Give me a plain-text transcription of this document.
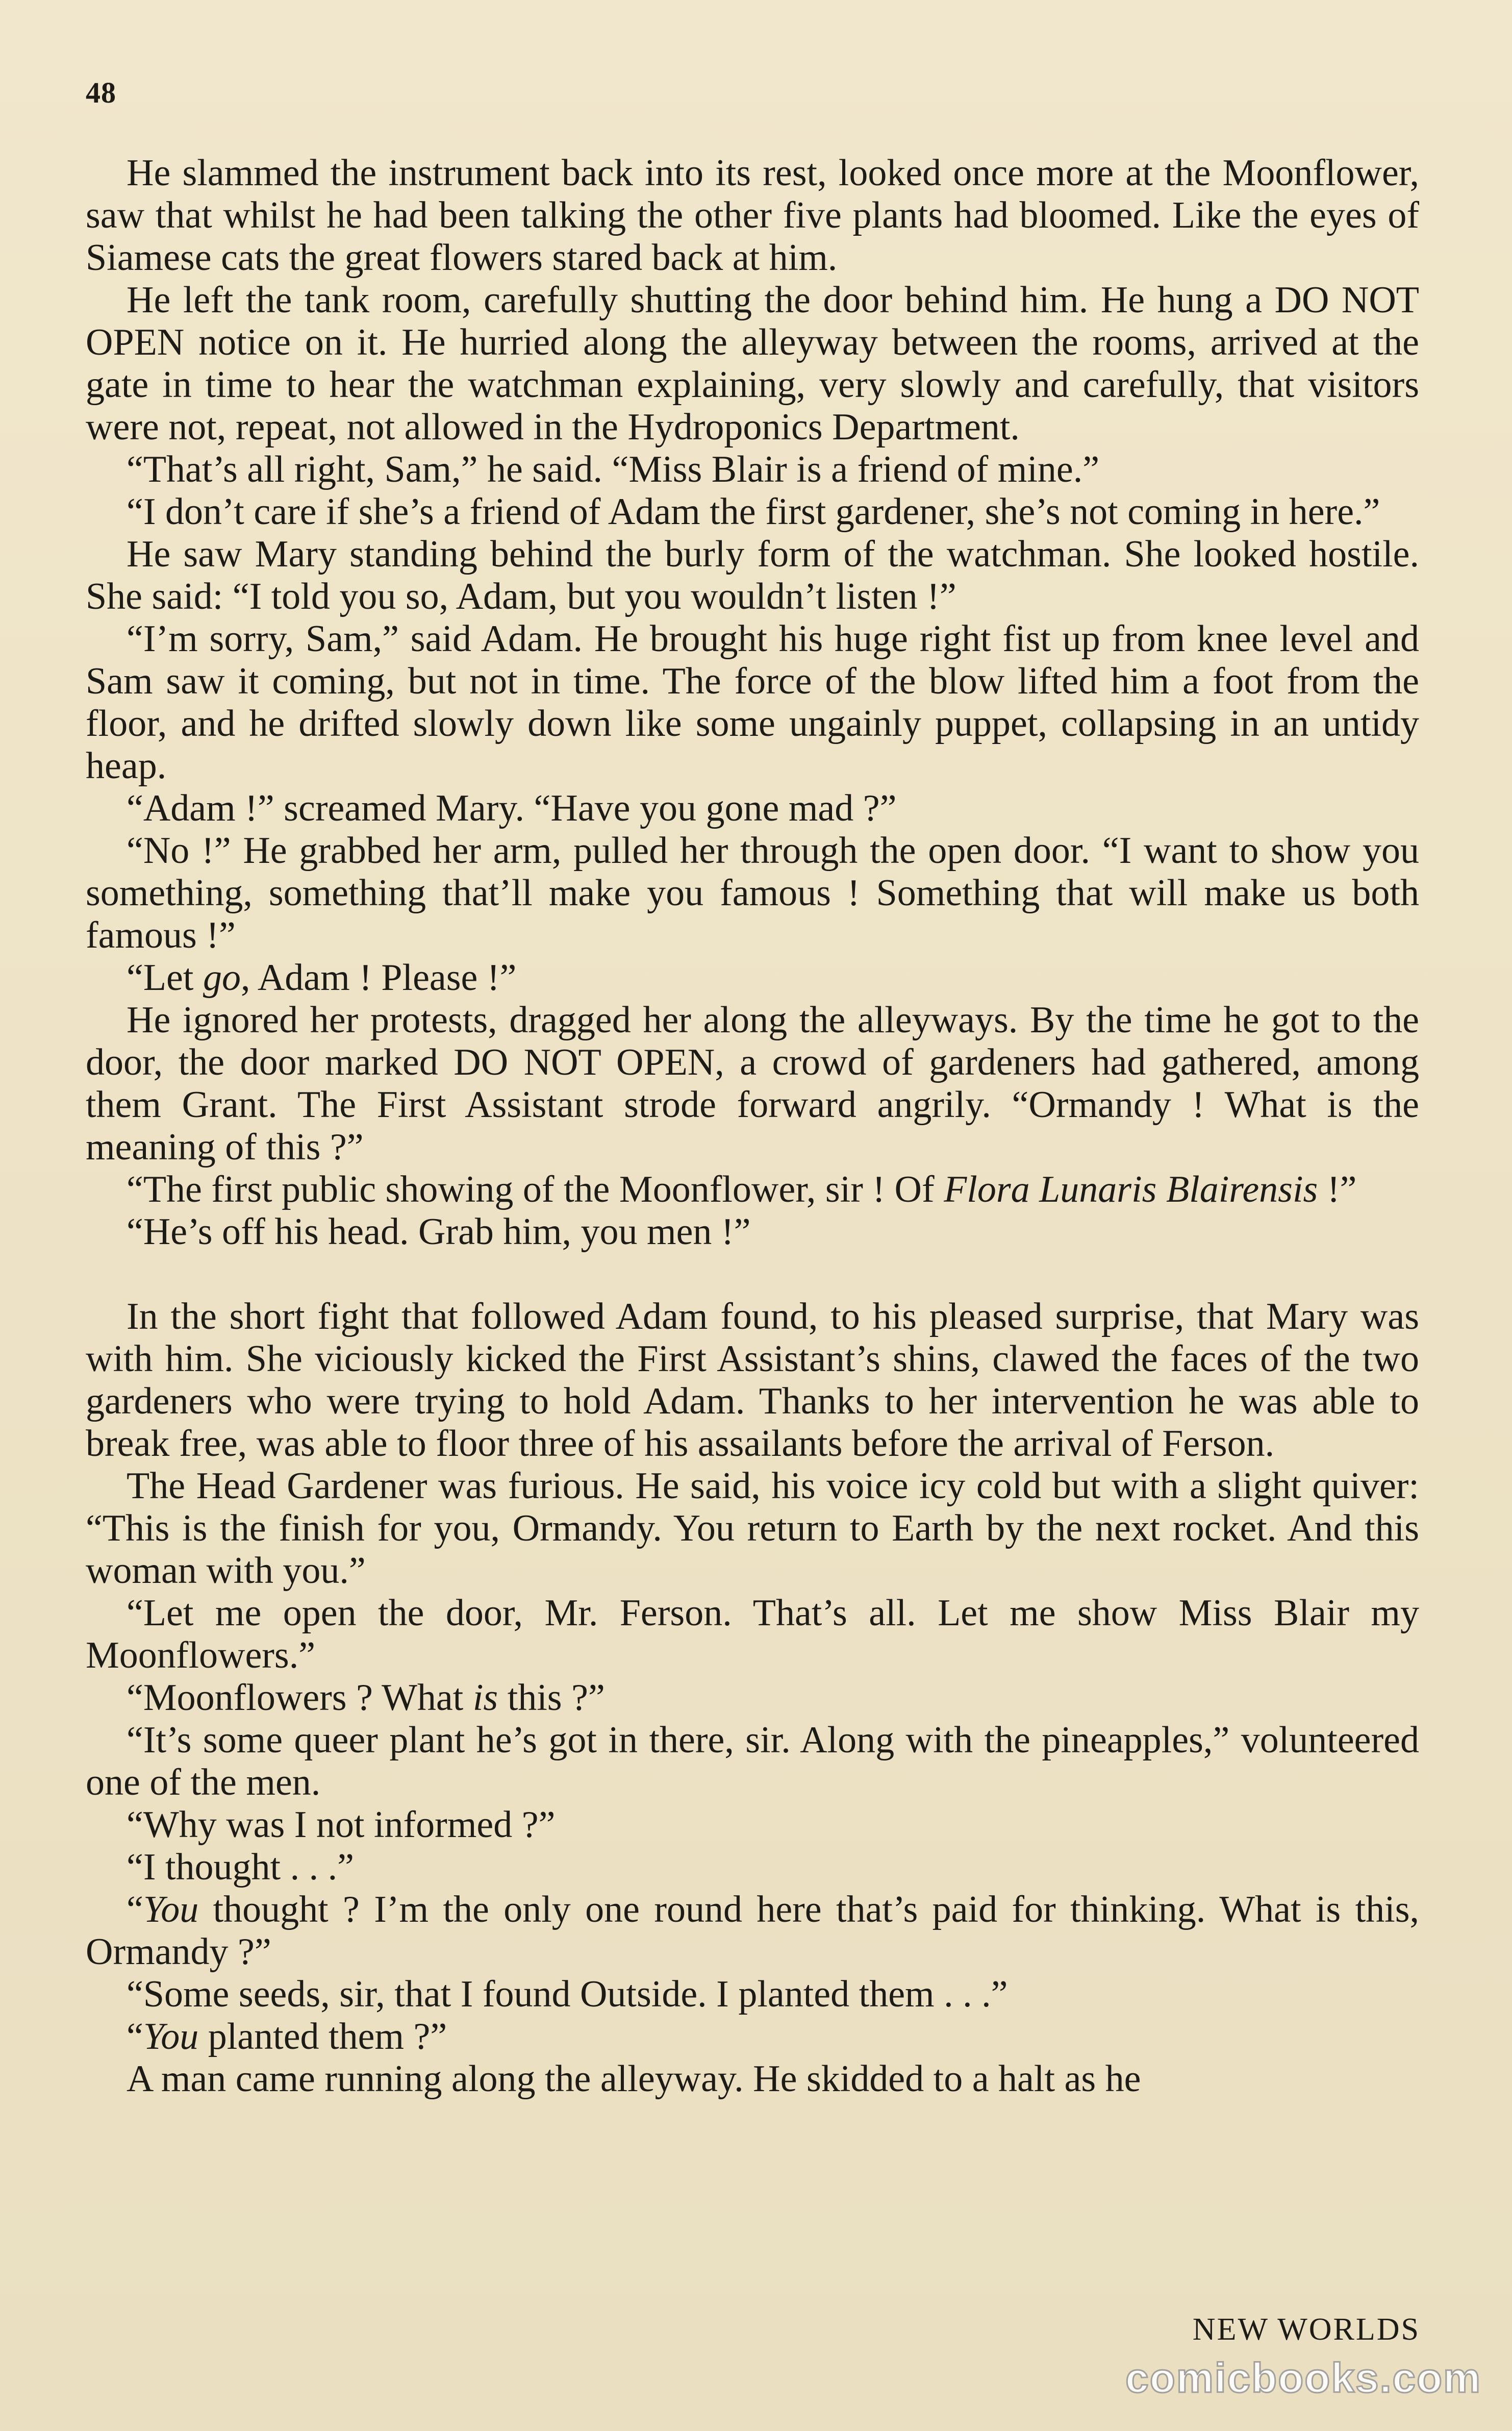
48

He slammed the instrument back into its rest, looked once more at the Moonflower, saw that whilst he had been talking the other five plants had bloomed. Like the eyes of Siamese cats the great flowers stared back at him.

He left the tank room, carefully shutting the door behind him. He hung a DO NOT OPEN notice on it. He hurried along the alleyway between the rooms, arrived at the gate in time to hear the watchman explaining, very slowly and carefully, that visitors were not, repeat, not allowed in the Hydroponics Department.

“That’s all right, Sam,” he said. “Miss Blair is a friend of mine.”

“I don’t care if she’s a friend of Adam the first gardener, she’s not coming in here.”

He saw Mary standing behind the burly form of the watchman. She looked hostile. She said: “I told you so, Adam, but you wouldn’t listen !”

“I’m sorry, Sam,” said Adam. He brought his huge right fist up from knee level and Sam saw it coming, but not in time. The force of the blow lifted him a foot from the floor, and he drifted slowly down like some ungainly puppet, collapsing in an untidy heap.

“Adam !” screamed Mary. “Have you gone mad ?”

“No !” He grabbed her arm, pulled her through the open door. “I want to show you something, something that’ll make you famous ! Something that will make us both famous !”

“Let go, Adam ! Please !”

He ignored her protests, dragged her along the alleyways. By the time he got to the door, the door marked DO NOT OPEN, a crowd of gardeners had gathered, among them Grant. The First Assistant strode forward angrily. “Ormandy ! What is the meaning of this ?”

“The first public showing of the Moonflower, sir ! Of Flora Lunaris Blairensis !”

“He’s off his head. Grab him, you men !”

In the short fight that followed Adam found, to his pleased surprise, that Mary was with him. She viciously kicked the First Assistant’s shins, clawed the faces of the two gardeners who were trying to hold Adam. Thanks to her intervention he was able to break free, was able to floor three of his assailants before the arrival of Ferson.

The Head Gardener was furious. He said, his voice icy cold but with a slight quiver: “This is the finish for you, Ormandy. You return to Earth by the next rocket. And this woman with you.”

“Let me open the door, Mr. Ferson. That’s all. Let me show Miss Blair my Moonflowers.”

“Moonflowers ? What is this ?”

“It’s some queer plant he’s got in there, sir. Along with the pineapples,” volunteered one of the men.

“Why was I not informed ?”

“I thought . . .”

“You thought ? I’m the only one round here that’s paid for thinking. What is this, Ormandy ?”

“Some seeds, sir, that I found Outside. I planted them . . .”

“You planted them ?”

A man came running along the alleyway. He skidded to a halt as he

NEW WORLDS
comicbooks.com
